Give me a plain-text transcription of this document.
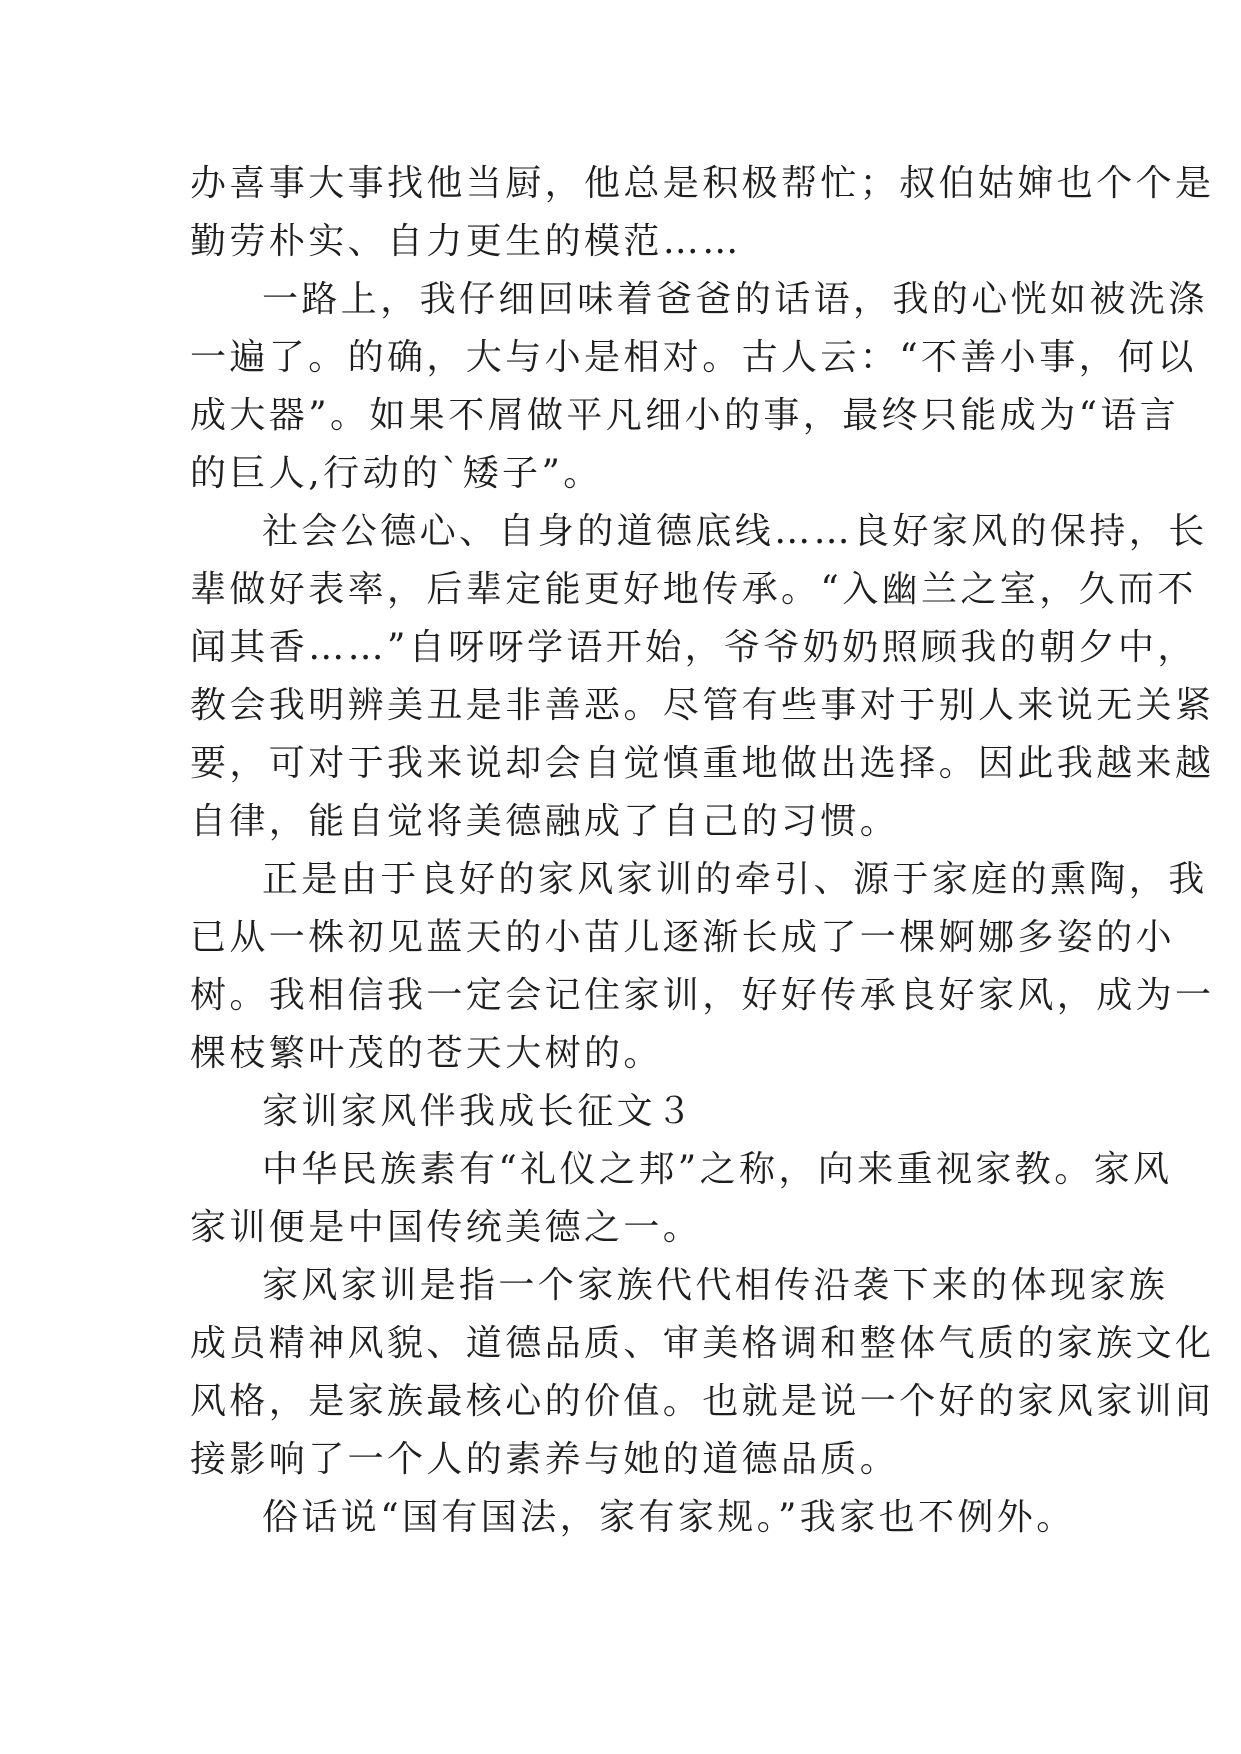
办喜事大事找他当厨，他总是积极帮忙；叔伯姑婶也个个是
勤劳朴实、自力更生的模范……
一路上，我仔细回味着爸爸的话语，我的心恍如被洗涤
一遍了。的确，大与小是相对。古人云：“不善小事，何以
成大器”。如果不屑做平凡细小的事，最终只能成为“语言
的巨人,行动的`矮子”。
社会公德心、自身的道德底线……良好家风的保持，长
辈做好表率，后辈定能更好地传承。“入幽兰之室，久而不
闻其香……”自呀呀学语开始，爷爷奶奶照顾我的朝夕中，
教会我明辨美丑是非善恶。尽管有些事对于别人来说无关紧
要，可对于我来说却会自觉慎重地做出选择。因此我越来越
自律，能自觉将美德融成了自己的习惯。
正是由于良好的家风家训的牵引、源于家庭的熏陶，我
已从一株初见蓝天的小苗儿逐渐长成了一棵婀娜多姿的小
树。我相信我一定会记住家训，好好传承良好家风，成为一
棵枝繁叶茂的苍天大树的。
家训家风伴我成长征文３
中华民族素有“礼仪之邦”之称，向来重视家教。家风
家训便是中国传统美德之一。
家风家训是指一个家族代代相传沿袭下来的体现家族
成员精神风貌、道德品质、审美格调和整体气质的家族文化
风格，是家族最核心的价值。也就是说一个好的家风家训间
接影响了一个人的素养与她的道德品质。
俗话说“国有国法，家有家规。”我家也不例外。
